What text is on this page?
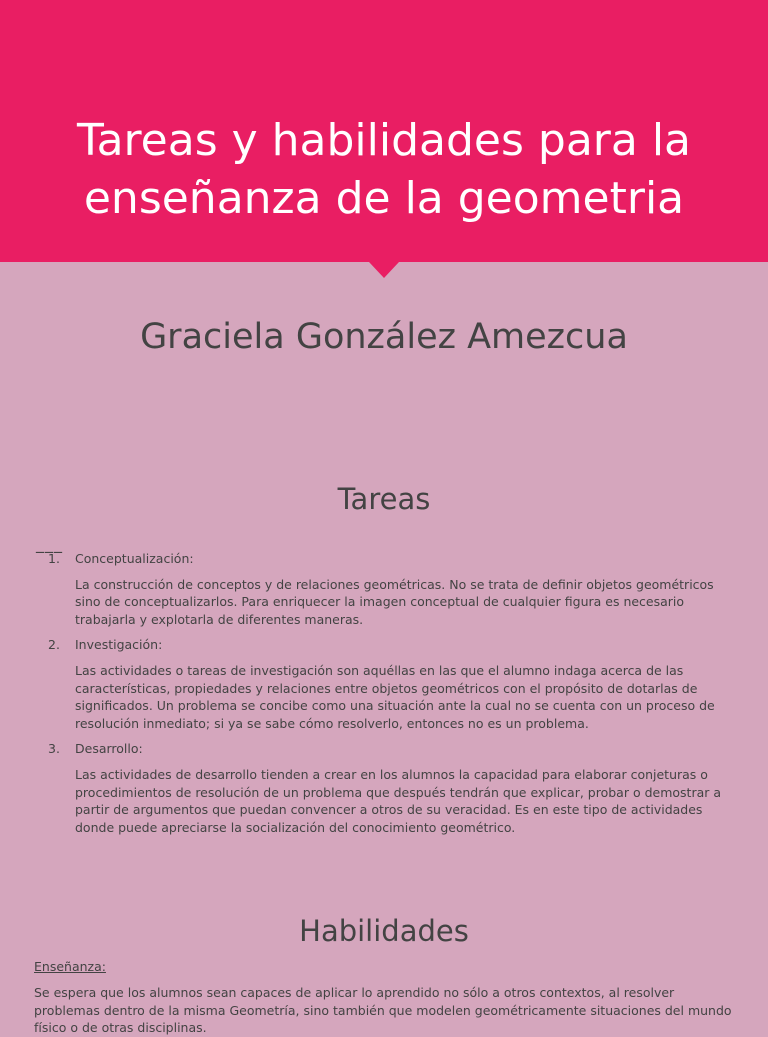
Tareas y habilidades para la
enseñanza de la geometria
Graciela González Amezcua
Tareas
___
1. Conceptualización:
La construcción de conceptos y de relaciones geométricas. No se trata de definir objetos geométricos sino de conceptualizarlos. Para enriquecer la imagen conceptual de cualquier figura es necesario trabajarla y explotarla de diferentes maneras.
2. Investigación:
Las actividades o tareas de investigación son aquéllas en las que el alumno indaga acerca de las características, propiedades y relaciones entre objetos geométricos con el propósito de dotarlas de significados. Un problema se concibe como una situación ante la cual no se cuenta con un proceso de resolución inmediato; si ya se sabe cómo resolverlo, entonces no es un problema.
3. Desarrollo:
Las actividades de desarrollo tienden a crear en los alumnos la capacidad para elaborar conjeturas o procedimientos de resolución de un problema que después tendrán que explicar, probar o demostrar a partir de argumentos que puedan convencer a otros de su veracidad. Es en este tipo de actividades donde puede apreciarse la socialización del conocimiento geométrico.
Habilidades
Enseñanza:
Se espera que los alumnos sean capaces de aplicar lo aprendido no sólo a otros contextos, al resolver problemas dentro de la misma Geometría, sino también que modelen geométricamente situaciones del mundo físico o de otras disciplinas.
